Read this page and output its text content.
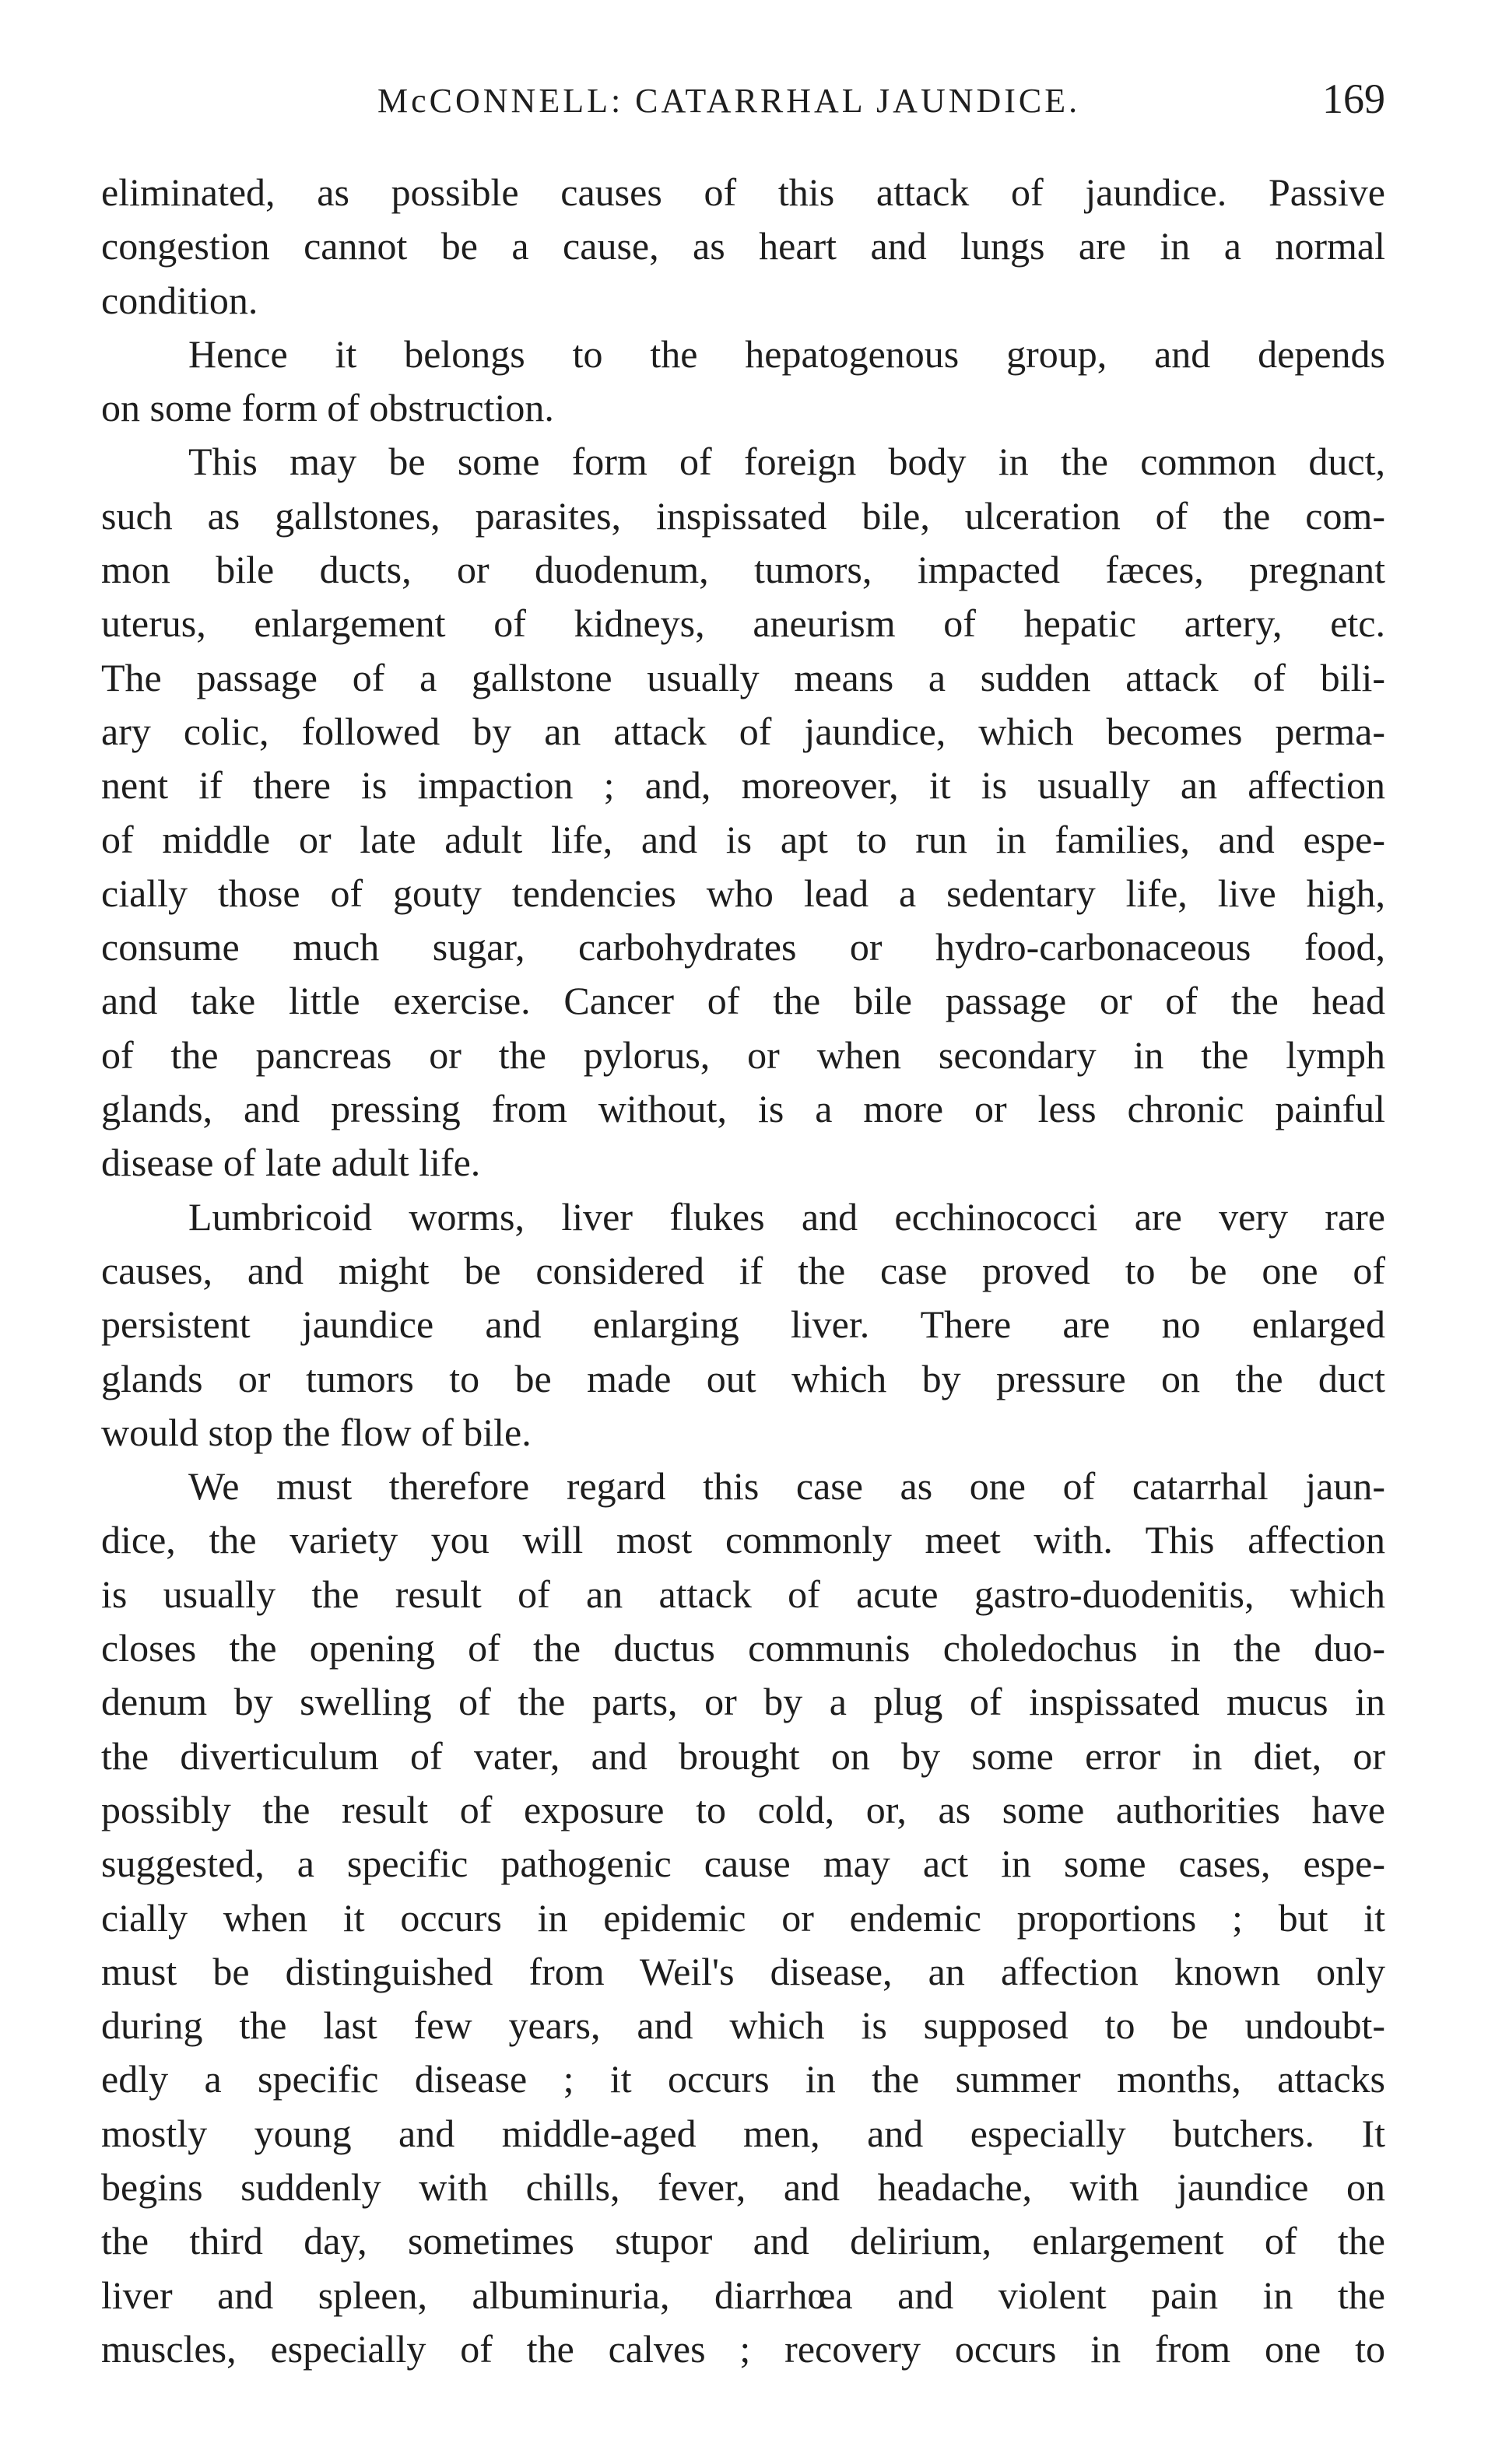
McCONNELL: CATARRHAL JAUNDICE.	169
eliminated, as possible causes of this attack of jaundice. Passive
congestion cannot be a cause, as heart and lungs are in a normal
condition.
Hence it belongs to the hepatogenous group, and depends
on some form of obstruction.
This may be some form of foreign body in the common duct,
such as gallstones, parasites, inspissated bile, ulceration of the com-
mon bile ducts, or duodenum, tumors, impacted fæces, pregnant
uterus, enlargement of kidneys, aneurism of hepatic artery, etc.
The passage of a gallstone usually means a sudden attack of bili-
ary colic, followed by an attack of jaundice, which becomes perma-
nent if there is impaction ; and, moreover, it is usually an affection
of middle or late adult life, and is apt to run in families, and espe-
cially those of gouty tendencies who lead a sedentary life, live high,
consume much sugar, carbohydrates or hydro-carbonaceous food,
and take little exercise. Cancer of the bile passage or of the head
of the pancreas or the pylorus, or when secondary in the lymph
glands, and pressing from without, is a more or less chronic painful
disease of late adult life.
Lumbricoid worms, liver flukes and ecchinococci are very rare
causes, and might be considered if the case proved to be one of
persistent jaundice and enlarging liver. There are no enlarged
glands or tumors to be made out which by pressure on the duct
would stop the flow of bile.
We must therefore regard this case as one of catarrhal jaun-
dice, the variety you will most commonly meet with. This affection
is usually the result of an attack of acute gastro-duodenitis, which
closes the opening of the ductus communis choledochus in the duo-
denum by swelling of the parts, or by a plug of inspissated mucus in
the diverticulum of vater, and brought on by some error in diet, or
possibly the result of exposure to cold, or, as some authorities have
suggested, a specific pathogenic cause may act in some cases, espe-
cially when it occurs in epidemic or endemic proportions ; but it
must be distinguished from Weil's disease, an affection known only
during the last few years, and which is supposed to be undoubt-
edly a specific disease ; it occurs in the summer months, attacks
mostly young and middle-aged men, and especially butchers. It
begins suddenly with chills, fever, and headache, with jaundice on
the third day, sometimes stupor and delirium, enlargement of the
liver and spleen, albuminuria, diarrhœa and violent pain in the
muscles, especially of the calves ; recovery occurs in from one to
